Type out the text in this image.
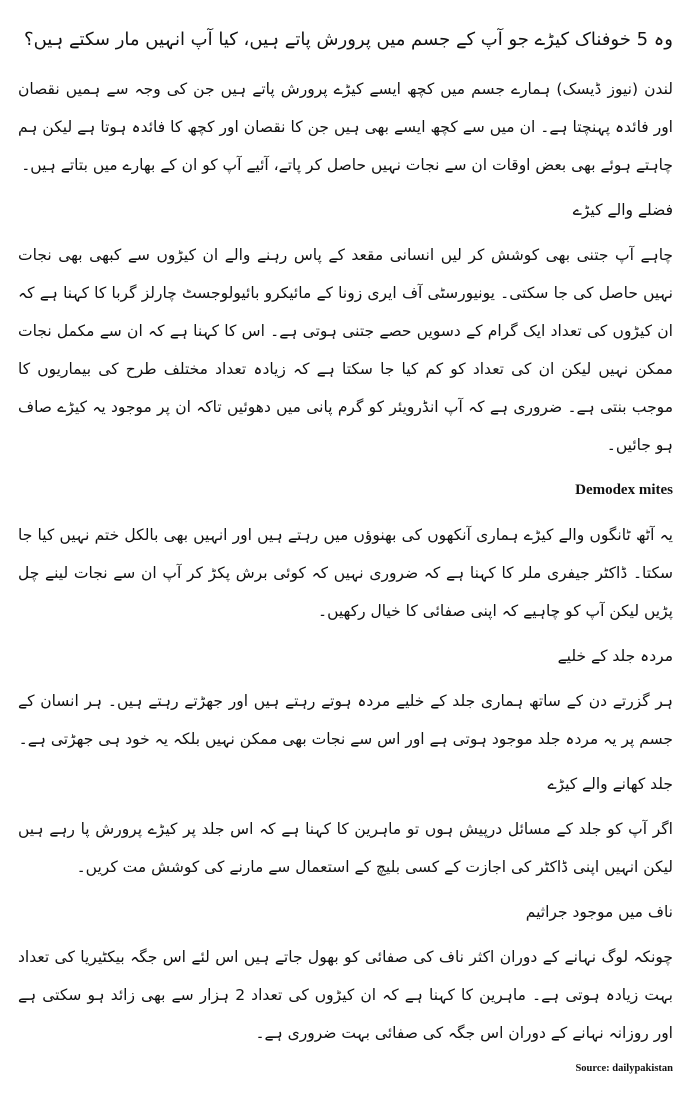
وہ 5 خوفناک کیڑے جو آپ کے جسم میں پرورش پاتے ہیں، کیا آپ انہیں مار سکتے ہیں؟

لندن (نیوز ڈیسک) ہمارے جسم میں کچھ ایسے کیڑے پرورش پاتے ہیں جن کی وجہ سے ہمیں نقصان اور فائدہ پہنچتا ہے۔ ان میں سے کچھ ایسے بھی ہیں جن کا نقصان اور کچھ کا فائدہ ہوتا ہے لیکن ہم چاہتے ہوئے بھی بعض اوقات ان سے نجات نہیں حاصل کر پاتے، آئیے آپ کو ان کے بھارے میں بتاتے ہیں۔

فضلے والے کیڑے

چاہے آپ جتنی بھی کوشش کر لیں انسانی مقعد کے پاس رہنے والے ان کیڑوں سے کبھی بھی نجات نہیں حاصل کی جا سکتی۔ یونیورسٹی آف ایری زونا کے مائیکرو بائیولوجسٹ چارلز گربا کا کہنا ہے کہ ان کیڑوں کی تعداد ایک گرام کے دسویں حصے جتنی ہوتی ہے۔ اس کا کہنا ہے کہ ان سے مکمل نجات ممکن نہیں لیکن ان کی تعداد کو کم کیا جا سکتا ہے کہ زیادہ تعداد مختلف طرح کی بیماریوں کا موجب بنتی ہے۔ ضروری ہے کہ آپ انڈرویئر کو گرم پانی میں دھوئیں تاکہ ان پر موجود یہ کیڑے صاف ہو جائیں۔

Demodex mites

یہ آٹھ ٹانگوں والے کیڑے ہماری آنکھوں کی بھنوؤں میں رہتے ہیں اور انہیں بھی بالکل ختم نہیں کیا جا سکتا۔ ڈاکٹر جیفری ملر کا کہنا ہے کہ ضروری نہیں کہ کوئی برش پکڑ کر آپ ان سے نجات لینے چل پڑیں لیکن آپ کو چاہیے کہ اپنی صفائی کا خیال رکھیں۔

مردہ جلد کے خلیے

ہر گزرتے دن کے ساتھ ہماری جلد کے خلیے مردہ ہوتے رہتے ہیں اور جھڑتے رہتے ہیں۔ ہر انسان کے جسم پر یہ مردہ جلد موجود ہوتی ہے اور اس سے نجات بھی ممکن نہیں بلکہ یہ خود ہی جھڑتی ہے۔

جلد کھانے والے کیڑے

اگر آپ کو جلد کے مسائل درپیش ہوں تو ماہرین کا کہنا ہے کہ اس جلد پر کیڑے پرورش پا رہے ہیں لیکن انہیں اپنی ڈاکٹر کی اجازت کے کسی بلیچ کے استعمال سے مارنے کی کوشش مت کریں۔

ناف میں موجود جراثیم

چونکہ لوگ نہانے کے دوران اکثر ناف کی صفائی کو بھول جاتے ہیں اس لئے اس جگہ بیکٹیریا کی تعداد بہت زیادہ ہوتی ہے۔ ماہرین کا کہنا ہے کہ ان کیڑوں کی تعداد 2 ہزار سے بھی زائد ہو سکتی ہے اور روزانہ نہانے کے دوران اس جگہ کی صفائی بہت ضروری ہے۔

Source: dailypakistan
